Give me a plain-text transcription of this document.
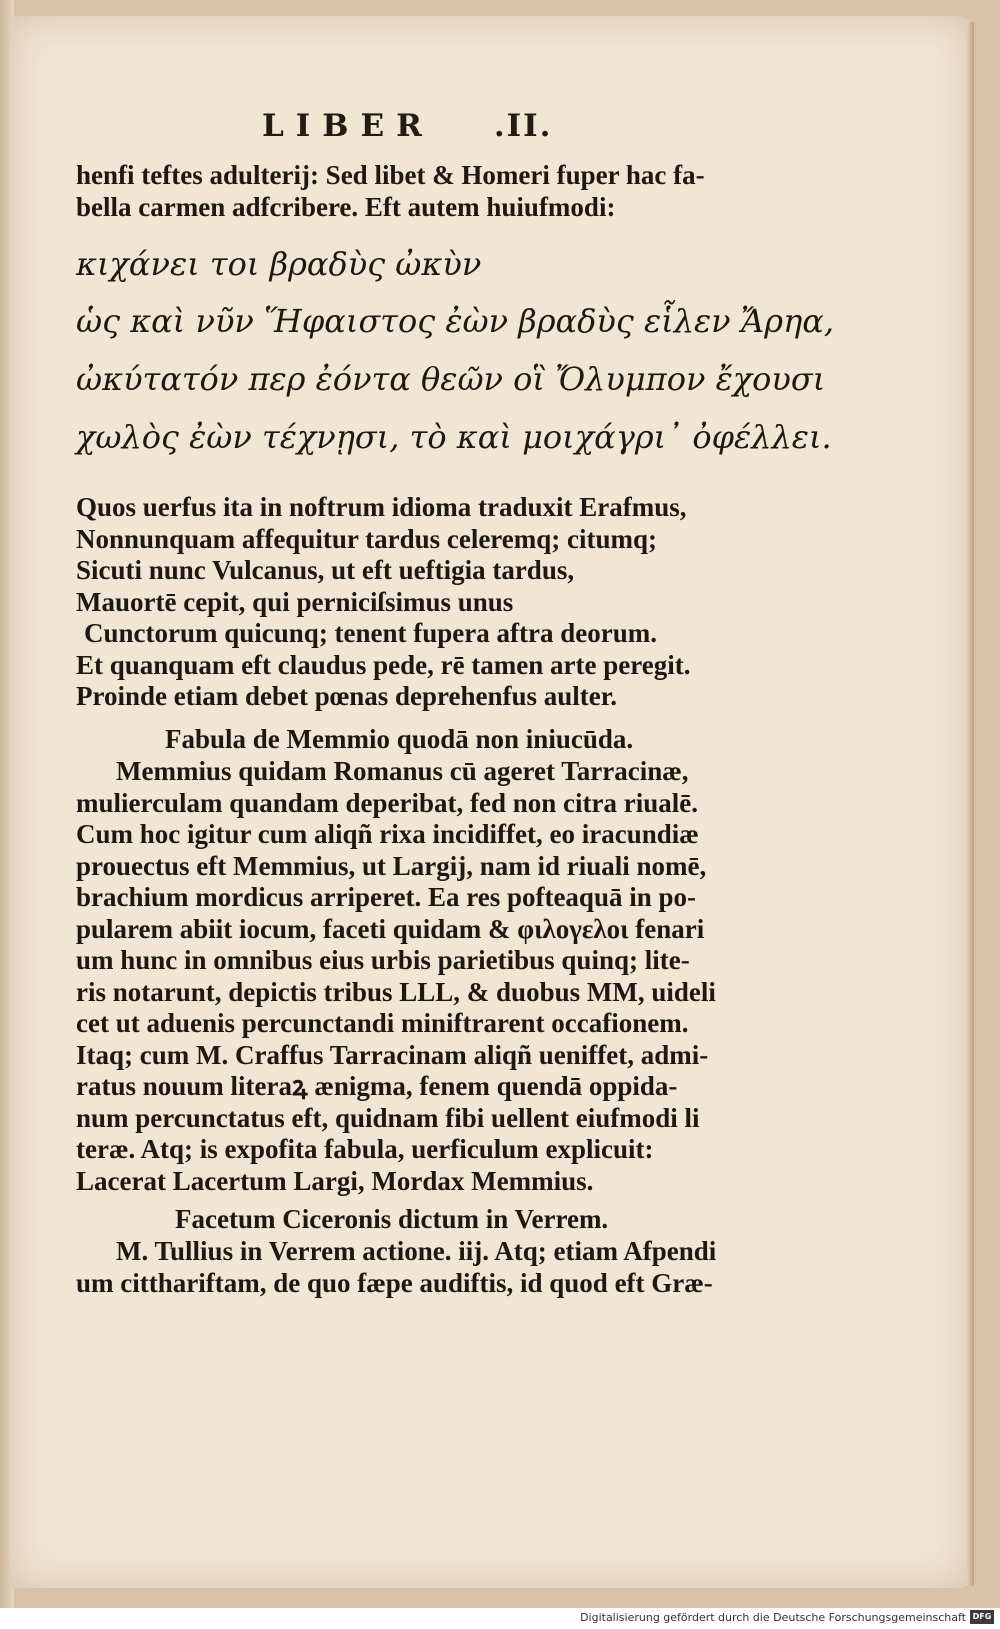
LIBER .II.
henfi teftes adulterij: Sed libet & Homeri fuper hac fa-
bella carmen adfcribere. Eft autem huiufmodi:
κιχάνει τοι βραδὺς ὠκὺν
ὡς καὶ νῦν Ἥφαιστος ἐὼν βραδὺς εἷλεν Ἄρηα,
ὠκύτατόν περ ἐόντα θεῶν οἳ Ὄλυμπον ἔχουσι
χωλὸς ἐὼν τέχνῃσι, τὸ καὶ μοιχάγρι᾽ ὀφέλλει.
Quos uerfus ita in noftrum idioma traduxit Erafmus,
Nonnunquam affequitur tardus celeremq; citumq;
Sicuti nunc Vulcanus, ut eft ueftigia tardus,
Mauortē cepit, qui perniciſsimus unus
Cunctorum quicunq; tenent fupera aftra deorum.
Et quanquam eft claudus pede, rē tamen arte peregit.
Proinde etiam debet pœnas deprehenfus aulter.
Fabula de Memmio quodā non iniucūda.
Memmius quidam Romanus cū ageret Tarracinæ,
mulierculam quandam deperibat, fed non citra riualē.
Cum hoc igitur cum aliqñ rixa incidiffet, eo iracundiæ
prouectus eft Memmius, ut Largij, nam id riuali nomē,
brachium mordicus arriperet. Ea res pofteaquā in po-
pularem abiit iocum, faceti quidam & φιλογελοι fenari
um hunc in omnibus eius urbis parietibus quinq; lite-
ris notarunt, depictis tribus LLL, & duobus MM, uideli
cet ut aduenis percunctandi miniftrarent occafionem.
Itaq; cum M. Craffus Tarracinam aliqñ ueniffet, admi-
ratus nouum literaꝝ ænigma, fenem quendā oppida-
num percunctatus eft, quidnam fibi uellent eiufmodi li
teræ. Atq; is expofita fabula, uerficulum explicuit:
Lacerat Lacertum Largi, Mordax Memmius.
Facetum Ciceronis dictum in Verrem.
M. Tullius in Verrem actione. iij. Atq; etiam Afpendi
um citthariftam, de quo fæpe audiftis, id quod eft Græ-
Digitalisierung gefördert durch die Deutsche Forschungsgemeinschaft DFG
